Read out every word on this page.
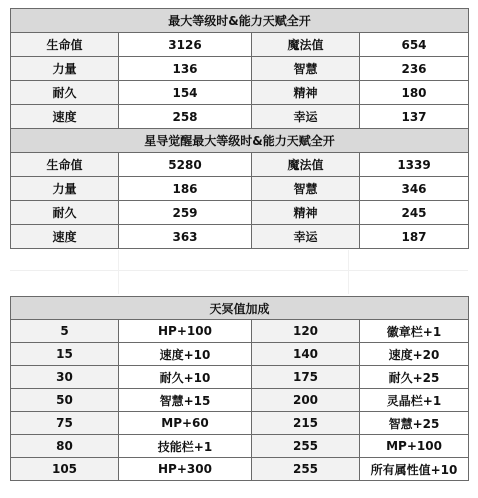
最大等级时&能力天赋全开			
生命值	3126	魔法值	654
力量	136	智慧	236
耐久	154	精神	180
速度	258	幸运	137
星导觉醒最大等级时&能力天赋全开			
生命值	5280	魔法值	1339
力量	186	智慧	346
耐久	259	精神	245
速度	363	幸运	187
天冥值加成			
5	HP+100	120	徽章栏+1
15	速度+10	140	速度+20
30	耐久+10	175	耐久+25
50	智慧+15	200	灵晶栏+1
75	MP+60	215	智慧+25
80	技能栏+1	255	MP+100
105	HP+300	255	所有属性值+10
